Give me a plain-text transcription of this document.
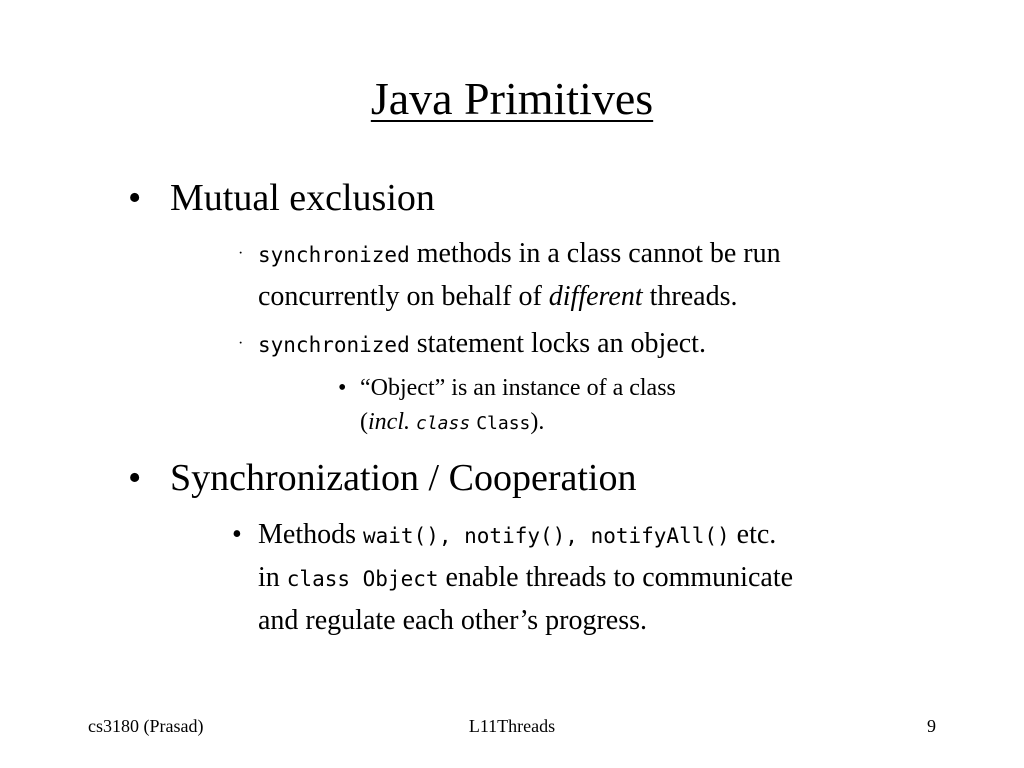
Java Primitives
• Mutual exclusion
· synchronized methods in a class cannot be run
concurrently on behalf of different threads.
· synchronized statement locks an object.
• “Object” is an instance of a class
(incl. class Class).
• Synchronization / Cooperation
• Methods wait(), notify(), notifyAll() etc.
in class Object enable threads to communicate
and regulate each other’s progress.
cs3180 (Prasad)	L11Threads	9
